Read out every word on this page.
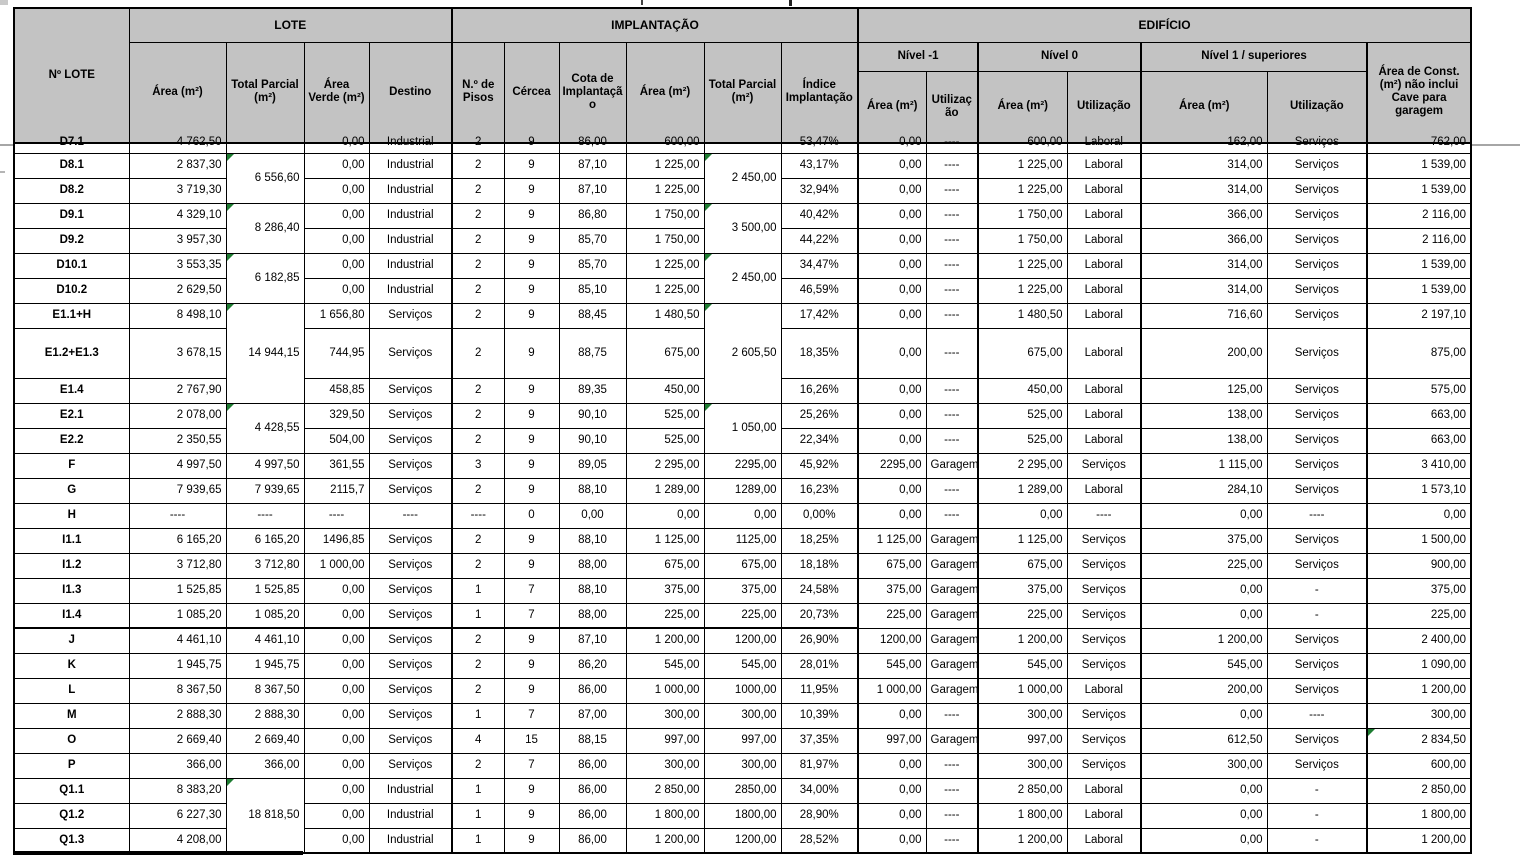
Nº LOTE	LOTE				IMPLANTAÇÃO						EDIFÍCIO						
	Área (m²)	Total Parcial (m²)	Área Verde (m²)	Destino	N.º de Pisos	Cércea	Cota de Implantação	Área (m²)	Total Parcial (m²)	Índice Implantação	Nível -1		Nível 0		Nível 1 / superiores		Área de Const. (m²) não inclui Cave para garagem
											Área (m²)	Utilização	Área (m²)	Utilização	Área (m²)	Utilização	

D7.1	4 762,50		0,00	Industrial	2	9	86,00	600,00		53,47%	0,00	----	600,00	Laboral	162,00	Serviços	762,00

D8.1	2 837,30	6 556,60	0,00	Industrial	2	9	87,10	1 225,00	2 450,00	43,17%	0,00	----	1 225,00	Laboral	314,00	Serviços	1 539,00

D8.2	3 719,30		0,00	Industrial	2	9	87,10	1 225,00		32,94%	0,00	----	1 225,00	Laboral	314,00	Serviços	1 539,00

D9.1	4 329,10	8 286,40	0,00	Industrial	2	9	86,80	1 750,00	3 500,00	40,42%	0,00	----	1 750,00	Laboral	366,00	Serviços	2 116,00

D9.2	3 957,30		0,00	Industrial	2	9	85,70	1 750,00		44,22%	0,00	----	1 750,00	Laboral	366,00	Serviços	2 116,00

D10.1	3 553,35	6 182,85	0,00	Industrial	2	9	85,70	1 225,00	2 450,00	34,47%	0,00	----	1 225,00	Laboral	314,00	Serviços	1 539,00

D10.2	2 629,50		0,00	Industrial	2	9	85,10	1 225,00		46,59%	0,00	----	1 225,00	Laboral	314,00	Serviços	1 539,00

E1.1+H	8 498,10	14 944,15	1 656,80	Serviços	2	9	88,45	1 480,50	2 605,50	17,42%	0,00	----	1 480,50	Laboral	716,60	Serviços	2 197,10

E1.2+E1.3	3 678,15		744,95	Serviços	2	9	88,75	675,00		18,35%	0,00	----	675,00	Laboral	200,00	Serviços	875,00

E1.4	2 767,90		458,85	Serviços	2	9	89,35	450,00		16,26%	0,00	----	450,00	Laboral	125,00	Serviços	575,00

E2.1	2 078,00	4 428,55	329,50	Serviços	2	9	90,10	525,00	1 050,00	25,26%	0,00	----	525,00	Laboral	138,00	Serviços	663,00

E2.2	2 350,55		504,00	Serviços	2	9	90,10	525,00		22,34%	0,00	----	525,00	Laboral	138,00	Serviços	663,00

F	4 997,50	4 997,50	361,55	Serviços	3	9	89,05	2 295,00	2295,00	45,92%	2295,00	Garagem	2 295,00	Serviços	1 115,00	Serviços	3 410,00

G	7 939,65	7 939,65	2115,7	Serviços	2	9	88,10	1 289,00	1289,00	16,23%	0,00	----	1 289,00	Laboral	284,10	Serviços	1 573,10

H	----	----	----	----	----	0	0,00	0,00	0,00	0,00%	0,00	----	0,00	----	0,00	----	0,00

I1.1	6 165,20	6 165,20	1496,85	Serviços	2	9	88,10	1 125,00	1125,00	18,25%	1 125,00	Garagem	1 125,00	Serviços	375,00	Serviços	1 500,00

I1.2	3 712,80	3 712,80	1 000,00	Serviços	2	9	88,00	675,00	675,00	18,18%	675,00	Garagem	675,00	Serviços	225,00	Serviços	900,00

I1.3	1 525,85	1 525,85	0,00	Serviços	1	7	88,10	375,00	375,00	24,58%	375,00	Garagem	375,00	Serviços	0,00	-	375,00

I1.4	1 085,20	1 085,20	0,00	Serviços	1	7	88,00	225,00	225,00	20,73%	225,00	Garagem	225,00	Serviços	0,00	-	225,00

J	4 461,10	4 461,10	0,00	Serviços	2	9	87,10	1 200,00	1200,00	26,90%	1200,00	Garagem	1 200,00	Serviços	1 200,00	Serviços	2 400,00

K	1 945,75	1 945,75	0,00	Serviços	2	9	86,20	545,00	545,00	28,01%	545,00	Garagem	545,00	Serviços	545,00	Serviços	1 090,00

L	8 367,50	8 367,50	0,00	Serviços	2	9	86,00	1 000,00	1000,00	11,95%	1 000,00	Garagem	1 000,00	Laboral	200,00	Serviços	1 200,00

M	2 888,30	2 888,30	0,00	Serviços	1	7	87,00	300,00	300,00	10,39%	0,00	----	300,00	Serviços	0,00	----	300,00

O	2 669,40	2 669,40	0,00	Serviços	4	15	88,15	997,00	997,00	37,35%	997,00	Garagem	997,00	Serviços	612,50	Serviços	2 834,50

P	366,00	366,00	0,00	Serviços	2	7	86,00	300,00	300,00	81,97%	0,00	----	300,00	Serviços	300,00	Serviços	600,00

Q1.1	8 383,20	18 818,50	0,00	Industrial	1	9	86,00	2 850,00	2850,00	34,00%	0,00	----	2 850,00	Laboral	0,00	-	2 850,00

Q1.2	6 227,30		0,00	Industrial	1	9	86,00	1 800,00	1800,00	28,90%	0,00	----	1 800,00	Laboral	0,00	-	1 800,00

Q1.3	4 208,00		0,00	Industrial	1	9	86,00	1 200,00	1200,00	28,52%	0,00	----	1 200,00	Laboral	0,00	-	1 200,00
